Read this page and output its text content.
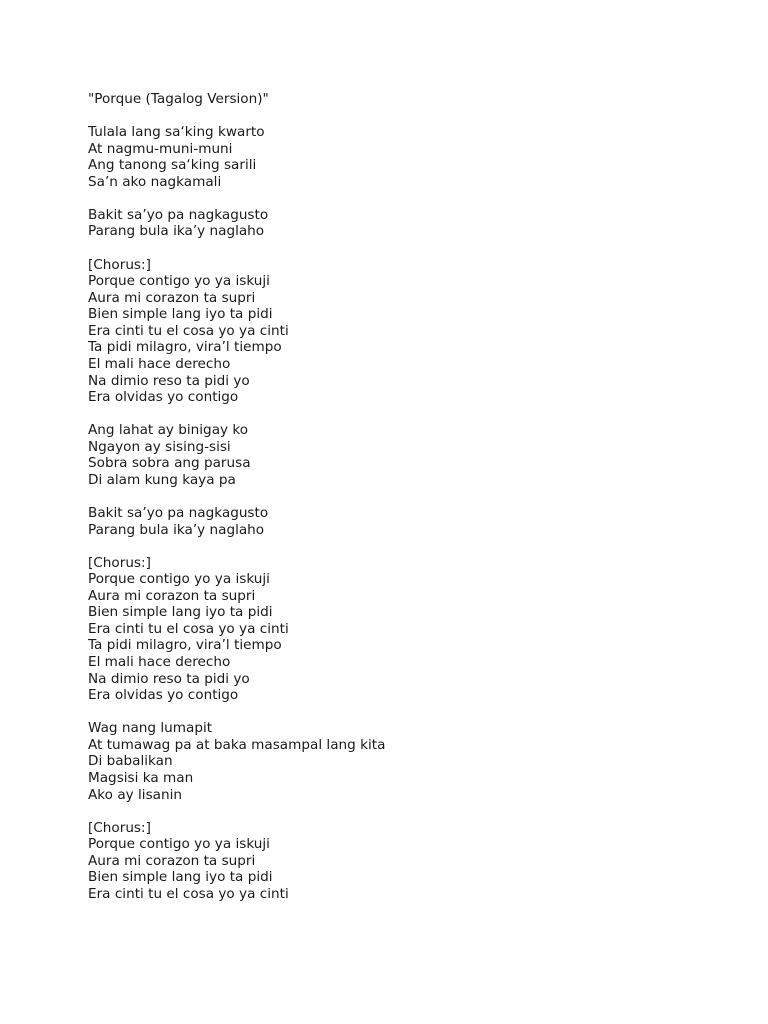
"Porque (Tagalog Version)"
Tulala lang sa‘king kwarto
At nagmu-muni-muni
Ang tanong sa‘king sarili
Sa’n ako nagkamali
Bakit sa’yo pa nagkagusto
Parang bula ika’y naglaho
[Chorus:]
Porque contigo yo ya iskuji
Aura mi corazon ta supri
Bien simple lang iyo ta pidi
Era cinti tu el cosa yo ya cinti
Ta pidi milagro, vira’l tiempo
El mali hace derecho
Na dimio reso ta pidi yo
Era olvidas yo contigo
Ang lahat ay binigay ko
Ngayon ay sising-sisi
Sobra sobra ang parusa
Di alam kung kaya pa
Bakit sa’yo pa nagkagusto
Parang bula ika’y naglaho
[Chorus:]
Porque contigo yo ya iskuji
Aura mi corazon ta supri
Bien simple lang iyo ta pidi
Era cinti tu el cosa yo ya cinti
Ta pidi milagro, vira’l tiempo
El mali hace derecho
Na dimio reso ta pidi yo
Era olvidas yo contigo
Wag nang lumapit
At tumawag pa at baka masampal lang kita
Di babalikan
Magsisi ka man
Ako ay lisanin
[Chorus:]
Porque contigo yo ya iskuji
Aura mi corazon ta supri
Bien simple lang iyo ta pidi
Era cinti tu el cosa yo ya cinti
